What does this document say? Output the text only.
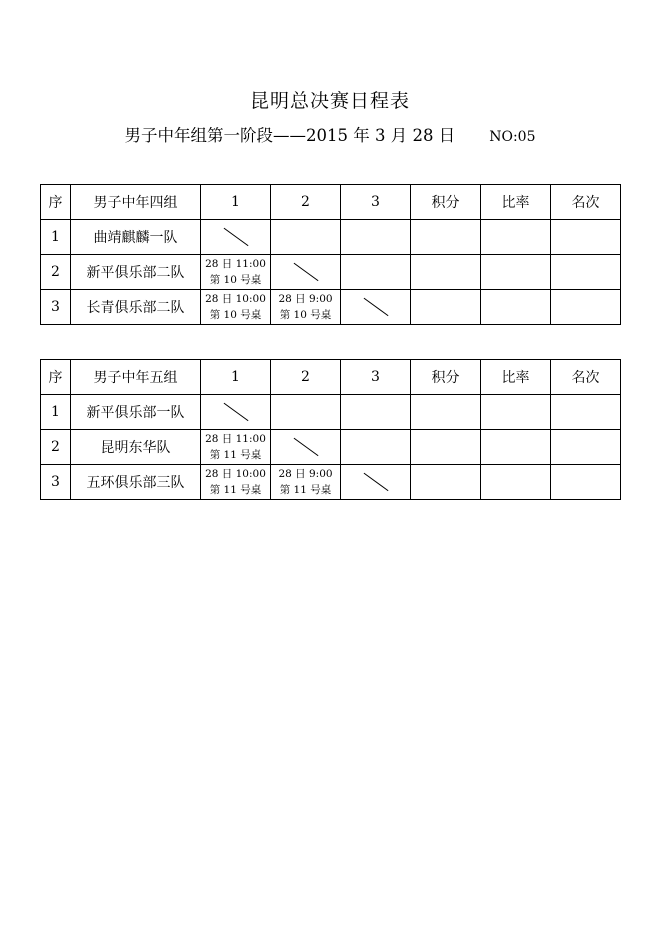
昆明总决赛日程表
男子中年组第一阶段——2015 年 3 月 28 日 NO:05
序	男子中年四组	1	2	3	积分	比率	名次
1	曲靖麒麟一队	

2	新平俱乐部二队	28 日 11:00
第 10 号桌					

3	长青俱乐部二队	28 日 10:00
第 10 号桌	28 日 9:00
第 10 号桌				

序	男子中年五组	1	2	3	积分	比率	名次
1	新平俱乐部一队	

2	昆明东华队	28 日 11:00
第 11 号桌					

3	五环俱乐部三队	28 日 10:00
第 11 号桌	28 日 9:00
第 11 号桌				
